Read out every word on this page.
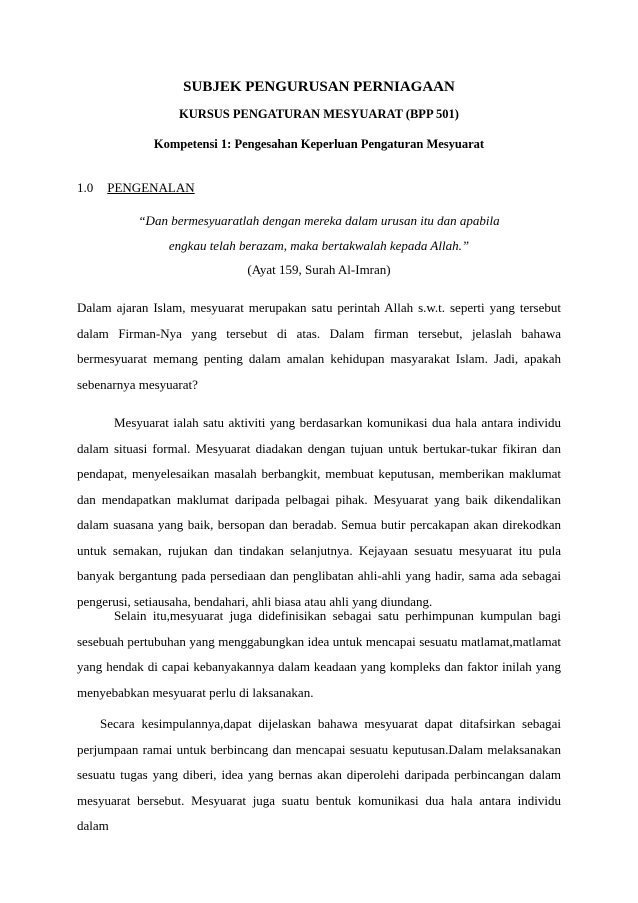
SUBJEK PENGURUSAN PERNIAGAAN
KURSUS PENGATURAN MESYUARAT (BPP 501)
Kompetensi 1: Pengesahan Keperluan Pengaturan Mesyuarat
1.0 PENGENALAN
“Dan bermesyuaratlah dengan mereka dalam urusan itu dan apabila
engkau telah berazam, maka bertakwalah kepada Allah.”
(Ayat 159, Surah Al-Imran)
Dalam ajaran Islam, mesyuarat merupakan satu perintah Allah s.w.t. seperti yang tersebut dalam Firman-Nya yang tersebut di atas. Dalam firman tersebut, jelaslah bahawa bermesyuarat memang penting dalam amalan kehidupan masyarakat Islam. Jadi, apakah sebenarnya mesyuarat?
Mesyuarat ialah satu aktiviti yang berdasarkan komunikasi dua hala antara individu dalam situasi formal. Mesyuarat diadakan dengan tujuan untuk bertukar-tukar fikiran dan pendapat, menyelesaikan masalah berbangkit, membuat keputusan, memberikan maklumat dan mendapatkan maklumat daripada pelbagai pihak. Mesyuarat yang baik dikendalikan dalam suasana yang baik, bersopan dan beradab. Semua butir percakapan akan direkodkan untuk semakan, rujukan dan tindakan selanjutnya. Kejayaan sesuatu mesyuarat itu pula banyak bergantung pada persediaan dan penglibatan ahli-ahli yang hadir, sama ada sebagai pengerusi, setiausaha, bendahari, ahli biasa atau ahli yang diundang.
Selain itu,mesyuarat juga didefinisikan sebagai satu perhimpunan kumpulan bagi sesebuah pertubuhan yang menggabungkan idea untuk mencapai sesuatu matlamat,matlamat yang hendak di capai kebanyakannya dalam keadaan yang kompleks dan faktor inilah yang menyebabkan mesyuarat perlu di laksanakan.
Secara kesimpulannya,dapat dijelaskan bahawa mesyuarat dapat ditafsirkan sebagai perjumpaan ramai untuk berbincang dan mencapai sesuatu keputusan.Dalam melaksanakan sesuatu tugas yang diberi, idea yang bernas akan diperolehi daripada perbincangan dalam mesyuarat bersebut. Mesyuarat juga suatu bentuk komunikasi dua hala antara individu dalam
